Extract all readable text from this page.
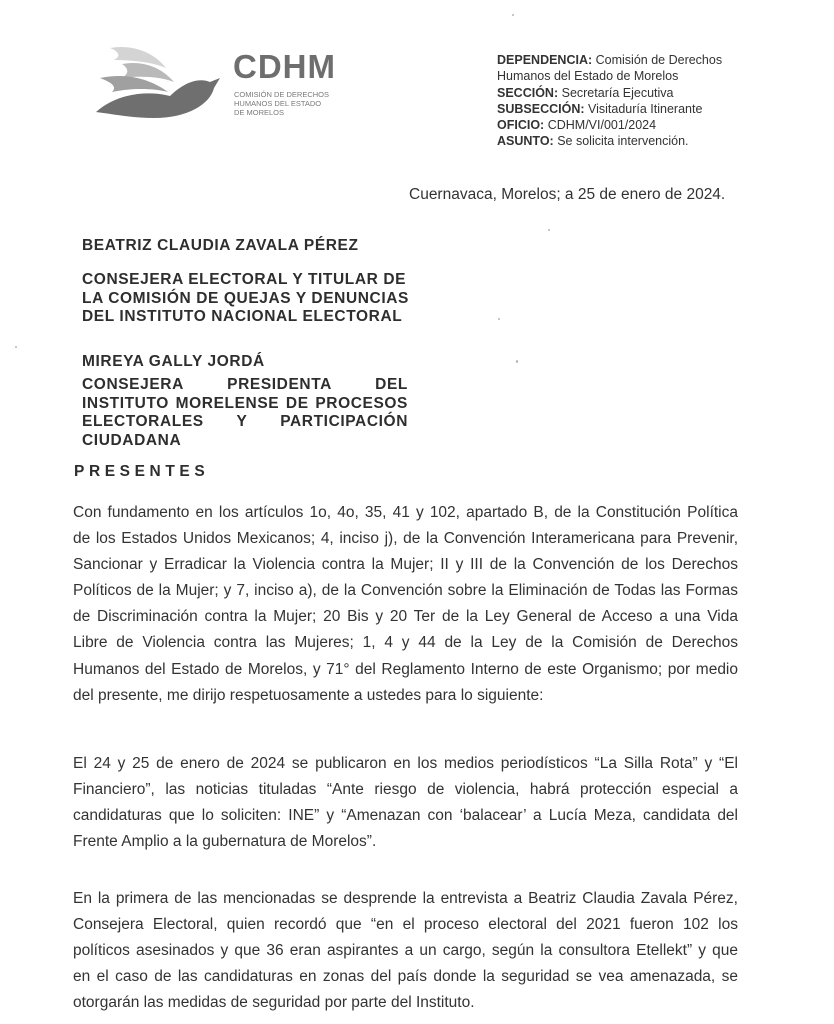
CDHM
COMISIÓN DE DERECHOS
HUMANOS DEL ESTADO
DE MORELOS
DEPENDENCIA: Comisión de Derechos
Humanos del Estado de Morelos
SECCIÓN: Secretaría Ejecutiva
SUBSECCIÓN: Visitaduría Itinerante
OFICIO: CDHM/VI/001/2024
ASUNTO: Se solicita intervención.
Cuernavaca, Morelos; a 25 de enero de 2024.
BEATRIZ CLAUDIA ZAVALA PÉREZ
CONSEJERA ELECTORAL Y TITULAR DE
LA COMISIÓN DE QUEJAS Y DENUNCIAS
DEL INSTITUTO NACIONAL ELECTORAL
MIREYA GALLY JORDÁ
CONSEJERA PRESIDENTA DEL
INSTITUTO MORELENSE DE PROCESOS
ELECTORALES Y PARTICIPACIÓN
CIUDADANA
PRESENTES
Con fundamento en los artículos 1o, 4o, 35, 41 y 102, apartado B, de la Constitución Política
de los Estados Unidos Mexicanos; 4, inciso j), de la Convención Interamericana para Prevenir,
Sancionar y Erradicar la Violencia contra la Mujer; II y III de la Convención de los Derechos
Políticos de la Mujer; y 7, inciso a), de la Convención sobre la Eliminación de Todas las Formas
de Discriminación contra la Mujer; 20 Bis y 20 Ter de la Ley General de Acceso a una Vida
Libre de Violencia contra las Mujeres; 1, 4 y 44 de la Ley de la Comisión de Derechos
Humanos del Estado de Morelos, y 71° del Reglamento Interno de este Organismo; por medio
del presente, me dirijo respetuosamente a ustedes para lo siguiente:
El 24 y 25 de enero de 2024 se publicaron en los medios periodísticos “La Silla Rota” y “El
Financiero”, las noticias tituladas “Ante riesgo de violencia, habrá protección especial a
candidaturas que lo soliciten: INE” y “Amenazan con ‘balacear’ a Lucía Meza, candidata del
Frente Amplio a la gubernatura de Morelos”.
En la primera de las mencionadas se desprende la entrevista a Beatriz Claudia Zavala Pérez,
Consejera Electoral, quien recordó que “en el proceso electoral del 2021 fueron 102 los
políticos asesinados y que 36 eran aspirantes a un cargo, según la consultora Etellekt” y que
en el caso de las candidaturas en zonas del país donde la seguridad se vea amenazada, se
otorgarán las medidas de seguridad por parte del Instituto.
